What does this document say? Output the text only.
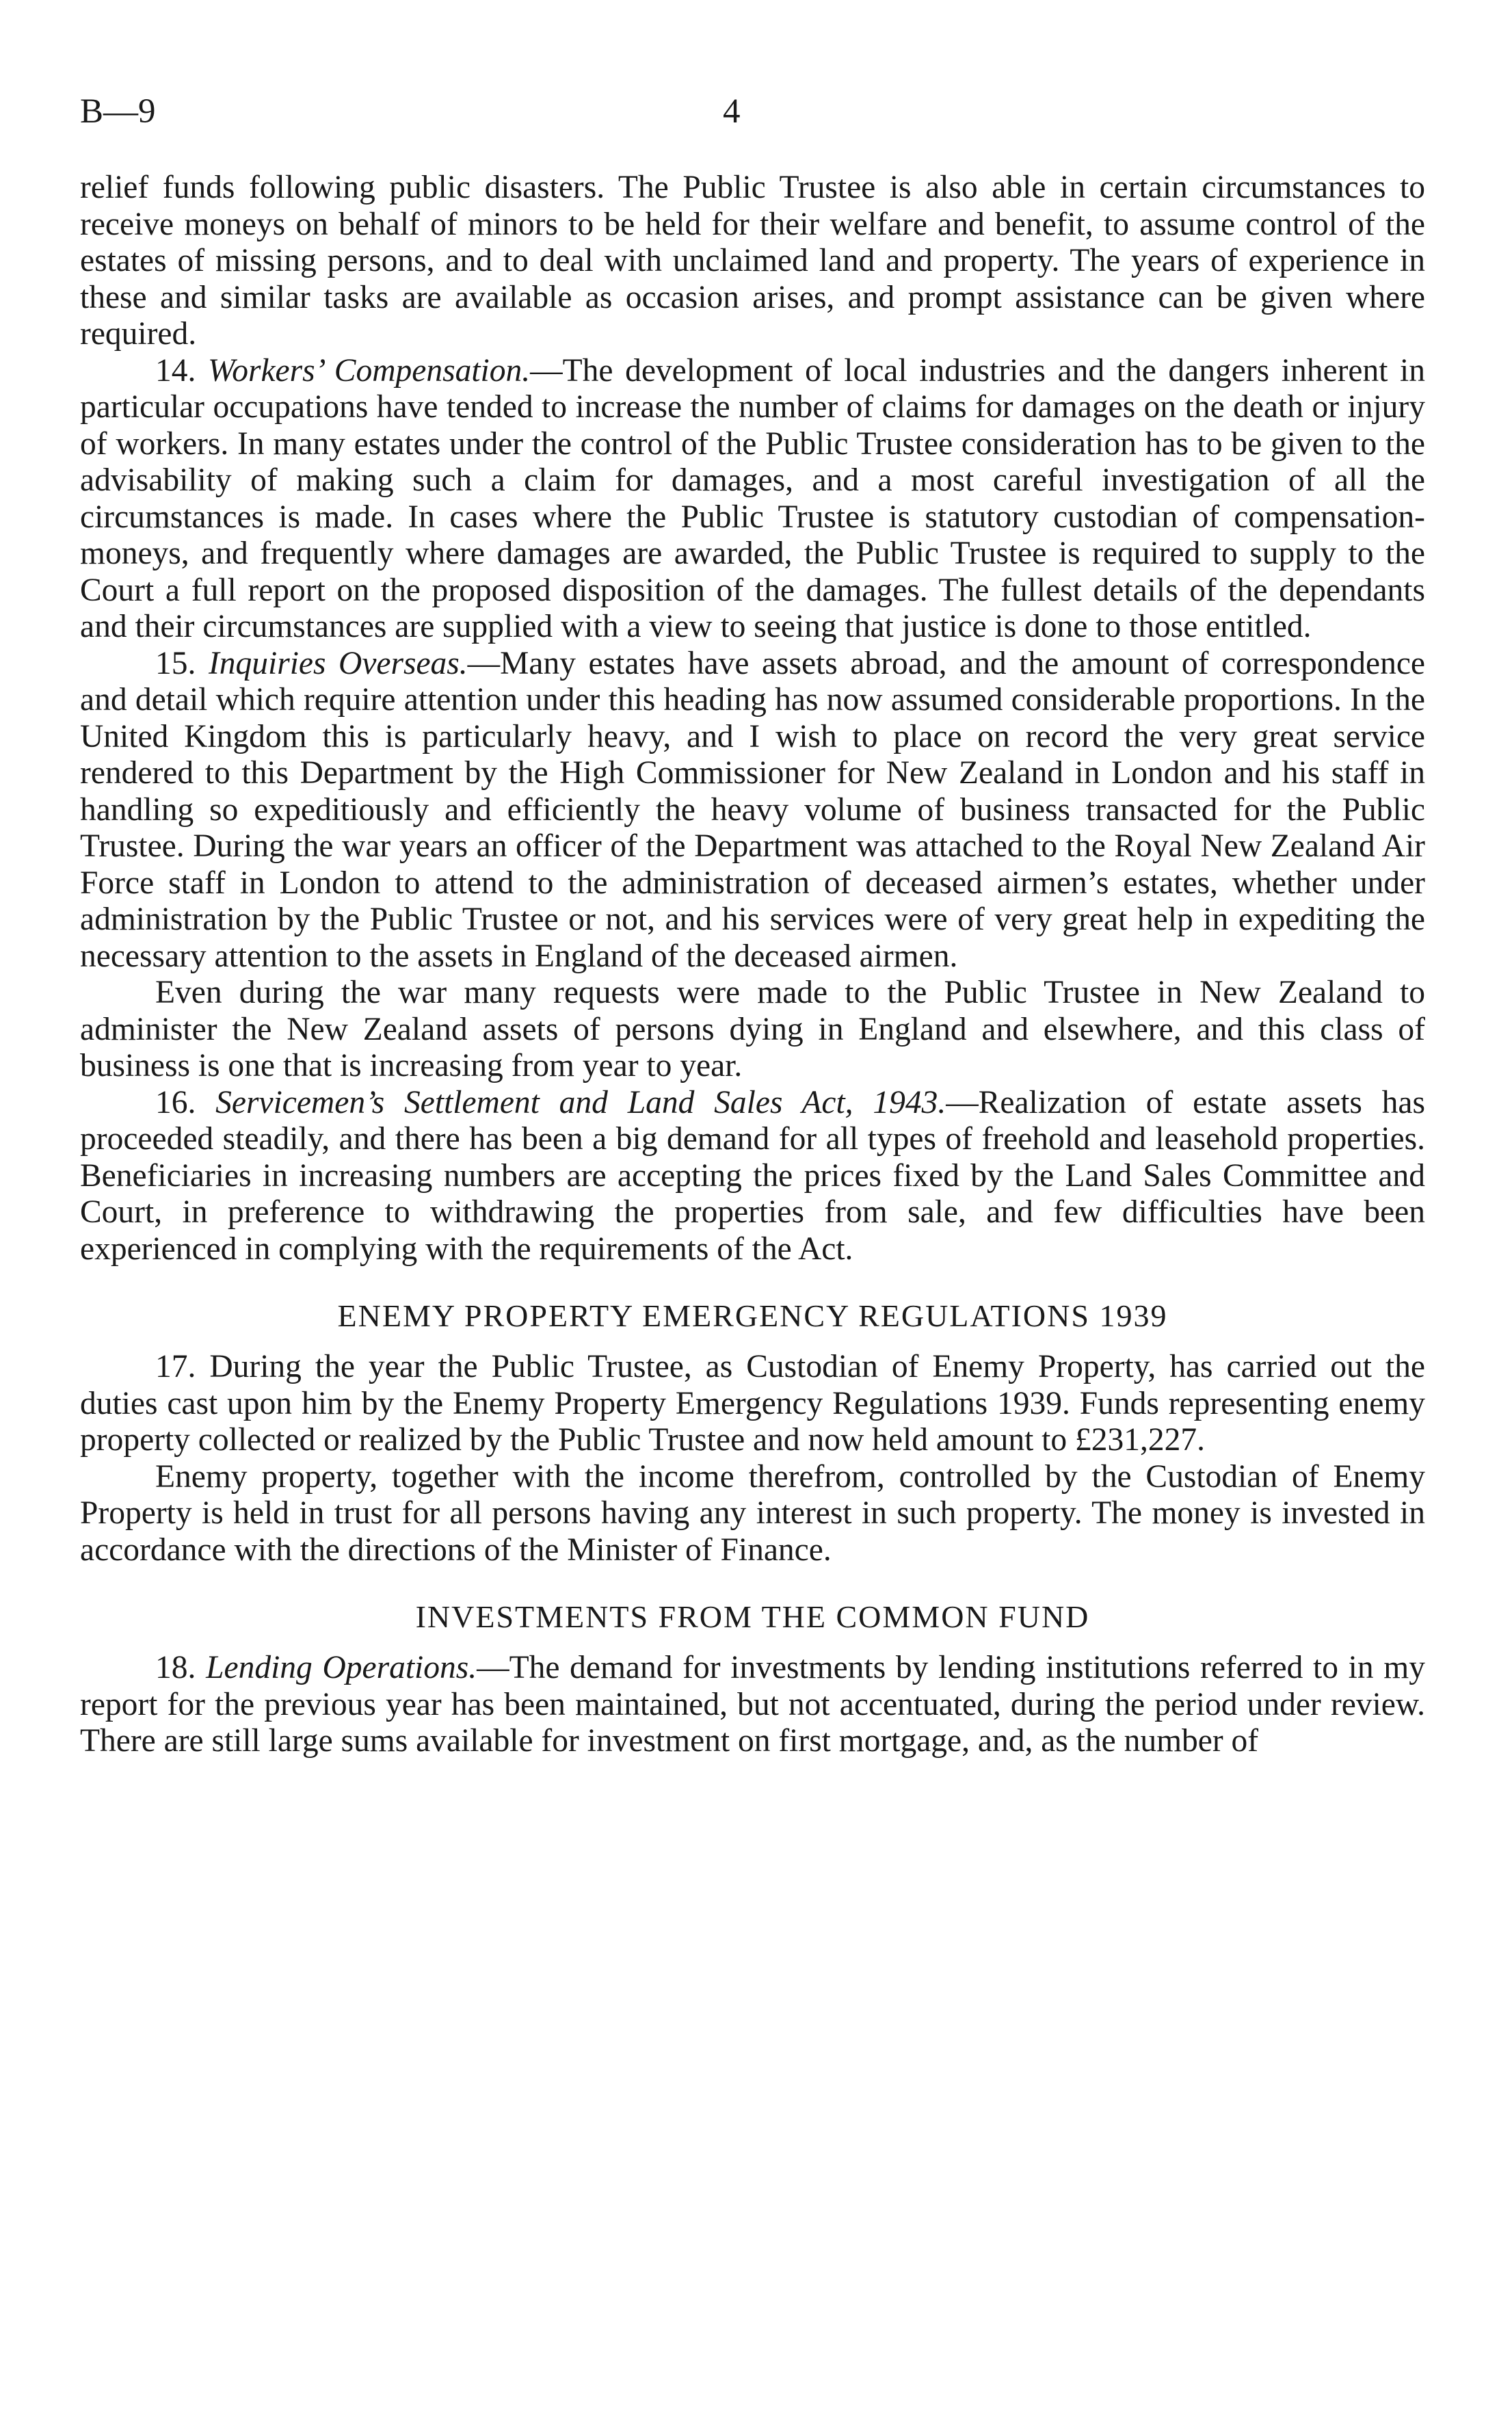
B—9	4

relief funds following public disasters. The Public Trustee is also able in certain circumstances to receive moneys on behalf of minors to be held for their welfare and benefit, to assume control of the estates of missing persons, and to deal with unclaimed land and property. The years of experience in these and similar tasks are available as occasion arises, and prompt assistance can be given where required.

14. Workers’ Compensation.—The development of local industries and the dangers inherent in particular occupations have tended to increase the number of claims for damages on the death or injury of workers. In many estates under the control of the Public Trustee consideration has to be given to the advisability of making such a claim for damages, and a most careful investigation of all the circumstances is made. In cases where the Public Trustee is statutory custodian of compensation-moneys, and frequently where damages are awarded, the Public Trustee is required to supply to the Court a full report on the proposed disposition of the damages. The fullest details of the dependants and their circumstances are supplied with a view to seeing that justice is done to those entitled.

15. Inquiries Overseas.—Many estates have assets abroad, and the amount of correspondence and detail which require attention under this heading has now assumed considerable proportions. In the United Kingdom this is particularly heavy, and I wish to place on record the very great service rendered to this Department by the High Commissioner for New Zealand in London and his staff in handling so expeditiously and efficiently the heavy volume of business transacted for the Public Trustee. During the war years an officer of the Department was attached to the Royal New Zealand Air Force staff in London to attend to the administration of deceased airmen’s estates, whether under administration by the Public Trustee or not, and his services were of very great help in expediting the necessary attention to the assets in England of the deceased airmen.

Even during the war many requests were made to the Public Trustee in New Zealand to administer the New Zealand assets of persons dying in England and elsewhere, and this class of business is one that is increasing from year to year.

16. Servicemen’s Settlement and Land Sales Act, 1943.—Realization of estate assets has proceeded steadily, and there has been a big demand for all types of freehold and leasehold properties. Beneficiaries in increasing numbers are accepting the prices fixed by the Land Sales Committee and Court, in preference to withdrawing the properties from sale, and few difficulties have been experienced in complying with the requirements of the Act.

ENEMY PROPERTY EMERGENCY REGULATIONS 1939

17. During the year the Public Trustee, as Custodian of Enemy Property, has carried out the duties cast upon him by the Enemy Property Emergency Regulations 1939. Funds representing enemy property collected or realized by the Public Trustee and now held amount to £231,227.

Enemy property, together with the income therefrom, controlled by the Custodian of Enemy Property is held in trust for all persons having any interest in such property. The money is invested in accordance with the directions of the Minister of Finance.

INVESTMENTS FROM THE COMMON FUND

18. Lending Operations.—The demand for investments by lending institutions referred to in my report for the previous year has been maintained, but not accentuated, during the period under review. There are still large sums available for investment on first mortgage, and, as the number of
